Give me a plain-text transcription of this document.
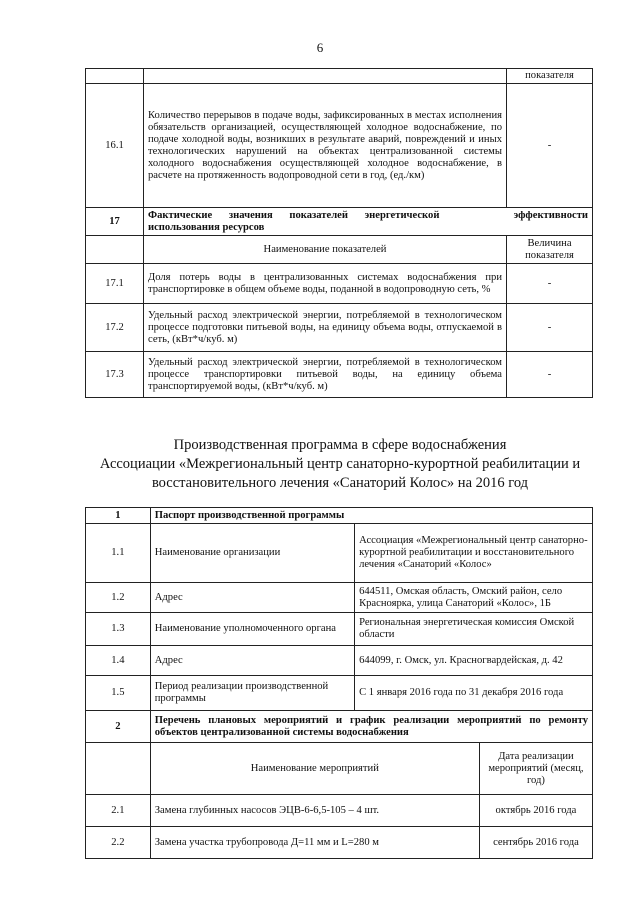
6
		показателя
16.1	Количество перерывов в подаче воды, зафиксированных в местах исполнения обязательств организацией, осуществляющей холодное водоснабжение, по подаче холодной воды, возникших в результате аварий, повреждений и иных технологических нарушений на объектах централизованной системы холодного водоснабжения осуществляющей холодное водоснабжение, в расчете на протяженность водопроводной сети в год, (ед./км)	-
17	Фактические значения показателей энергетической эффективности
использования ресурсов	

	Наименование показателей	Величина показателя
17.1	Доля потерь воды в централизованных системах водоснабжения при транспортировке в общем объеме воды, поданной в водопроводную сеть, %	-
17.2	Удельный расход электрической энергии, потребляемой в технологическом процессе подготовки питьевой воды, на единицу объема воды, отпускаемой в сеть, (кВт*ч/куб. м)	-
17.3	Удельный расход электрической энергии, потребляемой в технологическом процессе транспортировки питьевой воды, на единицу объема транспортируемой воды, (кВт*ч/куб. м)	-
Производственная программа в сфере водоснабжения
Ассоциации «Межрегиональный центр санаторно-курортной реабилитации и
восстановительного лечения «Санаторий Колос» на 2016 год
1	Паспорт производственной программы		
1.1	Наименование организации	Ассоциация «Межрегиональный центр санаторно-курортной реабилитации и восстановительного лечения «Санаторий «Колос»	
1.2	Адрес	644511, Омская область, Омский район, село Красноярка, улица Санаторий «Колос», 1Б	
1.3	Наименование уполномоченного органа	Региональная энергетическая комиссия Омской области	
1.4	Адрес	644099, г. Омск, ул. Красногвардейская, д. 42	
1.5	Период реализации производственной программы	С 1 января 2016 года по 31 декабря 2016 года	
2	Перечень плановых мероприятий и график реализации мероприятий по ремонту объектов централизованной системы водоснабжения		
	Наименование мероприятий		Дата реализации мероприятий (месяц, год)
2.1	Замена глубинных насосов ЭЦВ-6-6,5-105 – 4 шт.		октябрь 2016 года
2.2	Замена участка трубопровода Д=11 мм и L=280 м		сентябрь 2016 года
